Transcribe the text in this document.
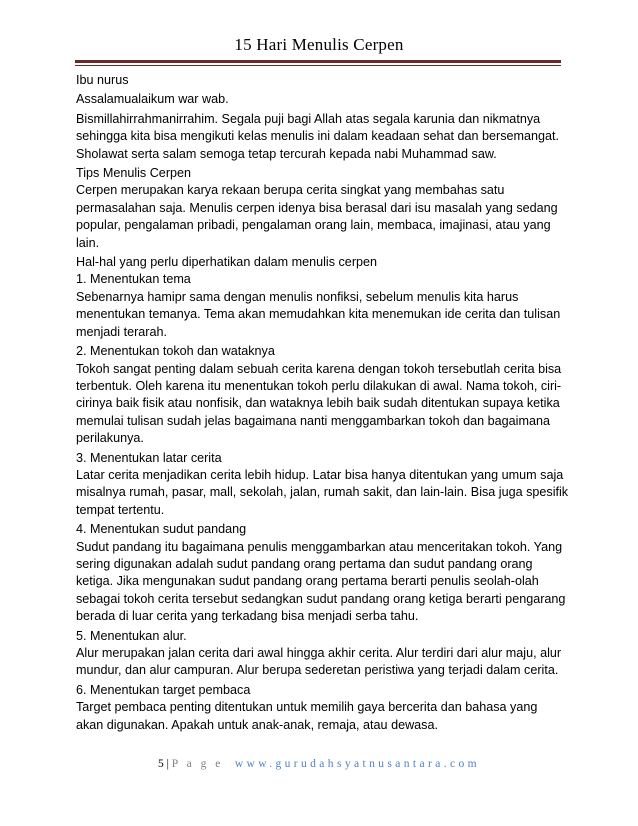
15 Hari Menulis Cerpen
Ibu nurus
Assalamualaikum war wab.
Bismillahirrahmanirrahim. Segala puji bagi Allah atas segala karunia dan nikmatnya
sehingga kita bisa mengikuti kelas menulis ini dalam keadaan sehat dan bersemangat.
Sholawat serta salam semoga tetap tercurah kepada nabi Muhammad saw.
Tips Menulis Cerpen
Cerpen merupakan karya rekaan berupa cerita singkat yang membahas satu
permasalahan saja. Menulis cerpen idenya bisa berasal dari isu masalah yang sedang
popular, pengalaman pribadi, pengalaman orang lain, membaca, imajinasi, atau yang
lain.
Hal-hal yang perlu diperhatikan dalam menulis cerpen
1. Menentukan tema
Sebenarnya hamipr sama dengan menulis nonfiksi, sebelum menulis kita harus
menentukan temanya. Tema akan memudahkan kita menemukan ide cerita dan tulisan
menjadi terarah.
2. Menentukan tokoh dan wataknya
Tokoh sangat penting dalam sebuah cerita karena dengan tokoh tersebutlah cerita bisa
terbentuk. Oleh karena itu menentukan tokoh perlu dilakukan di awal. Nama tokoh, ciri-
cirinya baik fisik atau nonfisik, dan wataknya lebih baik sudah ditentukan supaya ketika
memulai tulisan sudah jelas bagaimana nanti menggambarkan tokoh dan bagaimana
perilakunya.
3. Menentukan latar cerita
Latar cerita menjadikan cerita lebih hidup. Latar bisa hanya ditentukan yang umum saja
misalnya rumah, pasar, mall, sekolah, jalan, rumah sakit, dan lain-lain. Bisa juga spesifik
tempat tertentu.
4. Menentukan sudut pandang
Sudut pandang itu bagaimana penulis menggambarkan atau menceritakan tokoh. Yang
sering digunakan adalah sudut pandang orang pertama dan sudut pandang orang
ketiga. Jika mengunakan sudut pandang orang pertama berarti penulis seolah-olah
sebagai tokoh cerita tersebut sedangkan sudut pandang orang ketiga berarti pengarang
berada di luar cerita yang terkadang bisa menjadi serba tahu.
5. Menentukan alur.
Alur merupakan jalan cerita dari awal hingga akhir cerita. Alur terdiri dari alur maju, alur
mundur, dan alur campuran. Alur berupa sederetan peristiwa yang terjadi dalam cerita.
6. Menentukan target pembaca
Target pembaca penting ditentukan untuk memilih gaya bercerita dan bahasa yang
akan digunakan. Apakah untuk anak-anak, remaja, atau dewasa.
5 | P a g e www.gurudahsyatnusantara.com
